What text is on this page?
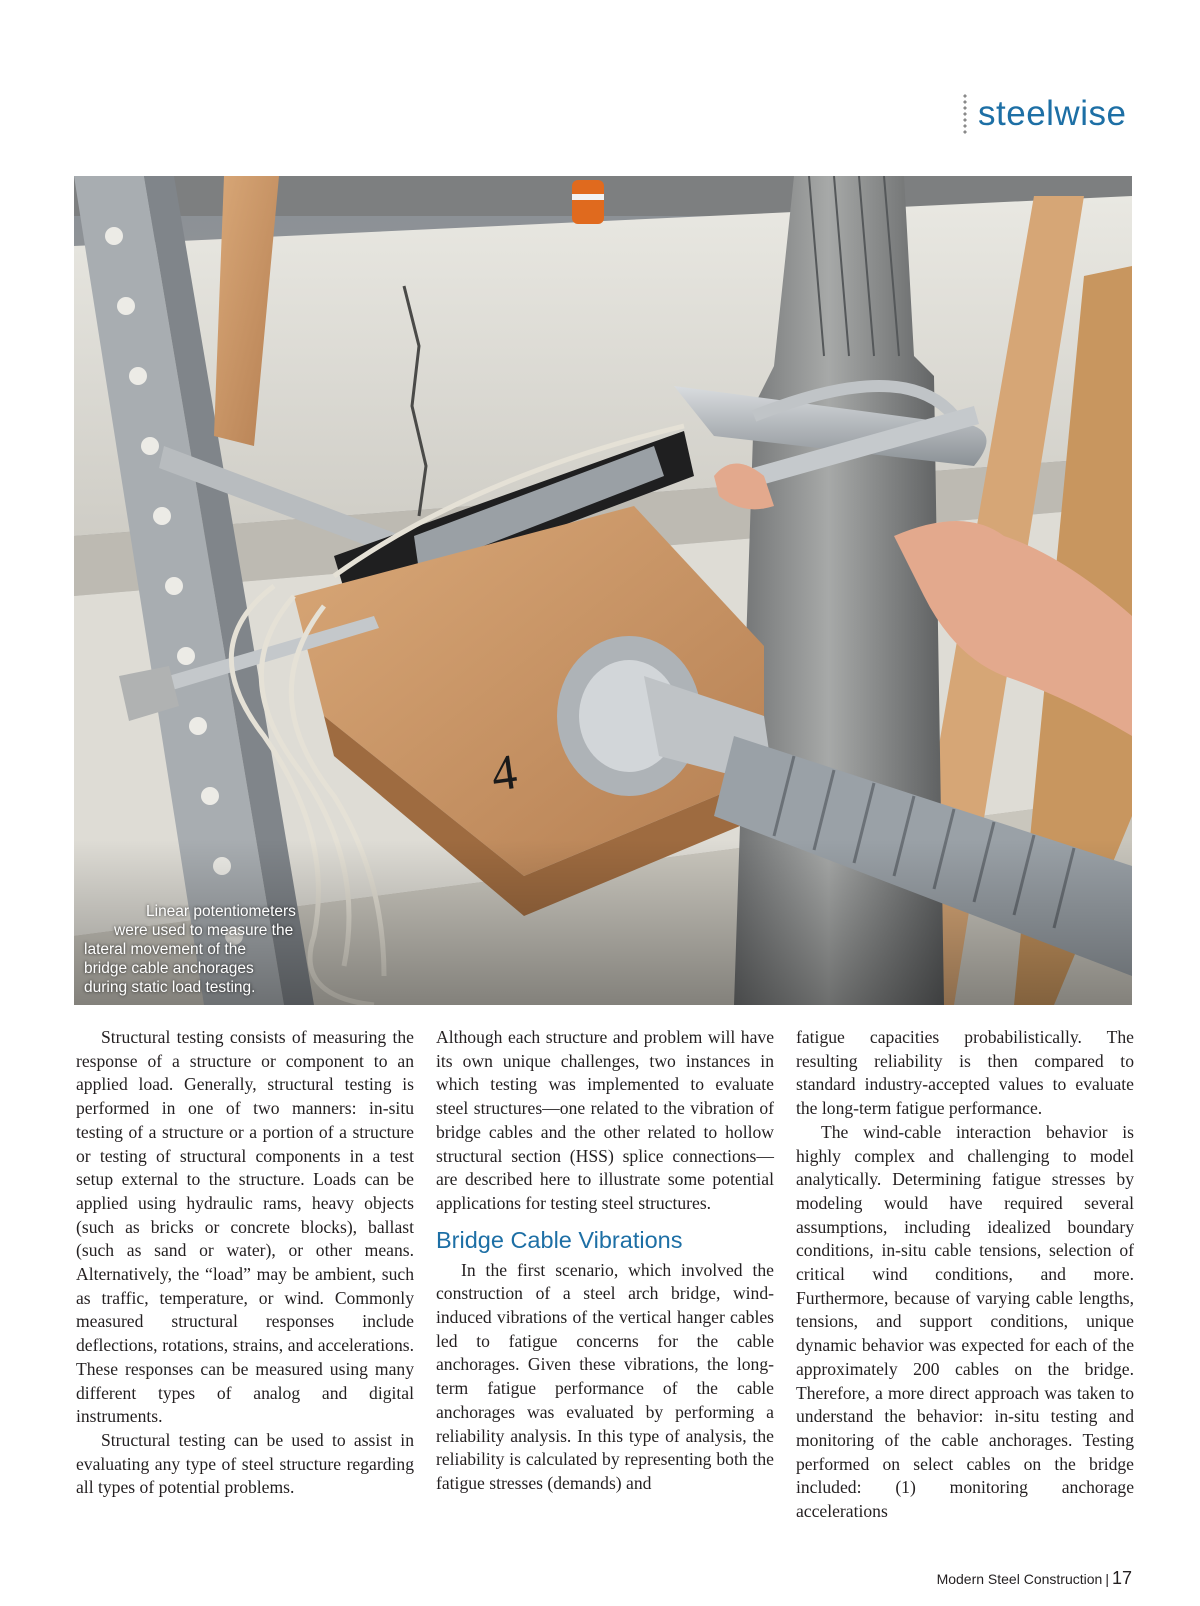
steelwise
Linear potentiometers
were used to measure the
lateral movement of the
bridge cable anchorages
during static load testing.

Structural testing consists of measuring the response of a structure or component to an applied load. Generally, structural testing is performed in one of two manners: in-situ testing of a structure or a portion of a structure or testing of structural components in a test setup external to the structure. Loads can be applied using hydraulic rams, heavy objects (such as bricks or concrete blocks), ballast (such as sand or water), or other means. Alternatively, the “load” may be ambient, such as traffic, temperature, or wind. Commonly measured structural responses include deflections, rotations, strains, and accelerations. These responses can be measured using many different types of analog and digital instruments.

Structural testing can be used to assist in evaluating any type of steel structure regarding all types of potential problems.

Although each structure and problem will have its own unique challenges, two instances in which testing was implemented to evaluate steel structures—one related to the vibration of bridge cables and the other related to hollow structural section (HSS) splice connections—are described here to illustrate some potential applications for testing steel structures.

Bridge Cable Vibrations

In the first scenario, which involved the construction of a steel arch bridge, wind-induced vibrations of the vertical hanger cables led to fatigue concerns for the cable anchorages. Given these vibrations, the long-term fatigue performance of the cable anchorages was evaluated by performing a reliability analysis. In this type of analysis, the reliability is calculated by representing both the fatigue stresses (demands) and

fatigue capacities probabilistically. The resulting reliability is then compared to standard industry-accepted values to evaluate the long-term fatigue performance.

The wind-cable interaction behavior is highly complex and challenging to model analytically. Determining fatigue stresses by modeling would have required several assumptions, including idealized boundary conditions, in-situ cable tensions, selection of critical wind conditions, and more. Furthermore, because of varying cable lengths, tensions, and support conditions, unique dynamic behavior was expected for each of the approximately 200 cables on the bridge. Therefore, a more direct approach was taken to understand the behavior: in-situ testing and monitoring of the cable anchorages. Testing performed on select cables on the bridge included: (1) monitoring anchorage accelerations

Modern Steel Construction | 17
